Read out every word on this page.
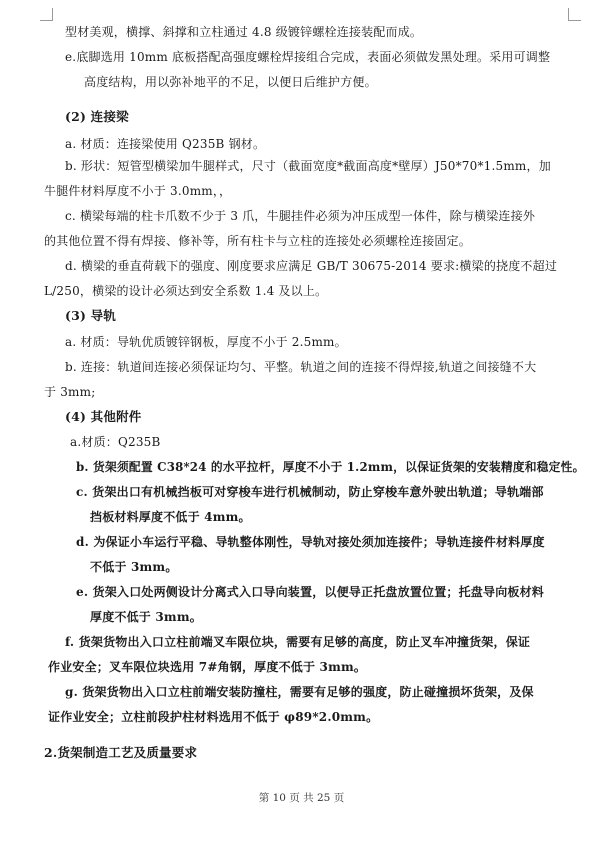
型材美观，横撑、斜撑和立柱通过 4.8 级镀锌螺栓连接装配而成。
e.底脚选用 10mm 底板搭配高强度螺栓焊接组合完成，表面必须做发黑处理。采用可调整
高度结构，用以弥补地平的不足，以便日后维护方便。
(2) 连接梁
a. 材质：连接梁使用 Q235B 钢材。
b. 形状：短管型横梁加牛腿样式，尺寸（截面宽度*截面高度*壁厚）J50*70*1.5mm，加
牛腿件材料厚度不小于 3.0mm，，
c. 横梁每端的柱卡爪数不少于 3 爪，牛腿挂件必须为冲压成型一体件，除与横梁连接外
的其他位置不得有焊接、修补等，所有柱卡与立柱的连接处必须螺栓连接固定。
d. 横梁的垂直荷载下的强度、刚度要求应满足 GB/T 30675-2014 要求:横梁的挠度不超过
L/250，横梁的设计必须达到安全系数 1.4 及以上。
(3) 导轨
a. 材质：导轨优质镀锌钢板，厚度不小于 2.5mm。
b. 连接：轨道间连接必须保证均匀、平整。轨道之间的连接不得焊接,轨道之间接缝不大
于 3mm;
(4) 其他附件
a.材质：Q235B
b. 货架须配置 C38*24 的水平拉杆，厚度不小于 1.2mm，以保证货架的安装精度和稳定性。
c. 货架出口有机械挡板可对穿梭车进行机械制动，防止穿梭车意外驶出轨道；导轨端部
挡板材料厚度不低于 4mm。
d. 为保证小车运行平稳、导轨整体刚性，导轨对接处须加连接件；导轨连接件材料厚度
不低于 3mm。
e. 货架入口处两侧设计分离式入口导向装置，以便导正托盘放置位置；托盘导向板材料
厚度不低于 3mm。
f. 货架货物出入口立柱前端叉车限位块，需要有足够的高度，防止叉车冲撞货架，保证
作业安全；叉车限位块选用 7#角钢，厚度不低于 3mm。
g. 货架货物出入口立柱前端安装防撞柱，需要有足够的强度，防止碰撞损坏货架，及保
证作业安全；立柱前段护柱材料选用不低于 φ89*2.0mm。
2.货架制造工艺及质量要求
第 10 页 共 25 页
